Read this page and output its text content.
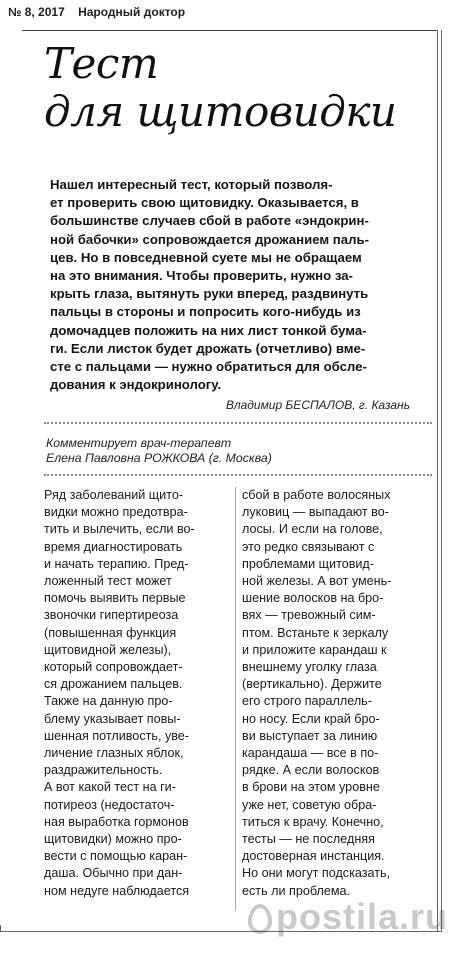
№ 8, 2017 Народный доктор
Тест
для щитовидки
Нашел интересный тест, который позволя-
ет проверить свою щитовидку. Оказывается, в
большинстве случаев сбой в работе «эндокрин-
ной бабочки» сопровождается дрожанием паль-
цев. Но в повседневной суете мы не обращаем
на это внимания. Чтобы проверить, нужно за-
крыть глаза, вытянуть руки вперед, раздвинуть
пальцы в стороны и попросить кого-нибудь из
домочадцев положить на них лист тонкой бума-
ги. Если листок будет дрожать (отчетливо) вме-
сте с пальцами — нужно обратиться для обсле-
дования к эндокринологу.
Владимир БЕСПАЛОВ, г. Казань
Комментирует врач-терапевт
Елена Павловна РОЖКОВА (г. Москва)
Ряд заболеваний щито-
видки можно предотвра-
тить и вылечить, если во-
время диагностировать
и начать терапию. Пред-
ложенный тест может
помочь выявить первые
звоночки гипертиреоза
(повышенная функция
щитовидной железы),
который сопровождает-
ся дрожанием пальцев.
Также на данную про-
блему указывает повы-
шенная потливость, уве-
личение глазных яблок,
раздражительность.
А вот какой тест на ги-
потиреоз (недостаточ-
ная выработка гормонов
щитовидки) можно про-
вести с помощью каран-
даша. Обычно при дан-
ном недуге наблюдается
сбой в работе волосяных
луковиц — выпадают во-
лосы. И если на голове,
это редко связывают с
проблемами щитовид-
ной железы. А вот умень-
шение волосков на бро-
вях — тревожный сим-
птом. Встаньте к зеркалу
и приложите карандаш к
внешнему уголку глаза
(вертикально). Держите
его строго параллель-
но носу. Если край бро-
ви выступает за линию
карандаша — все в по-
рядке. А если волосков
в брови на этом уровне
уже нет, советую обра-
титься к врачу. Конечно,
тесты — не последняя
достоверная инстанция.
Но они могут подсказать,
есть ли проблема.
postila.ru
